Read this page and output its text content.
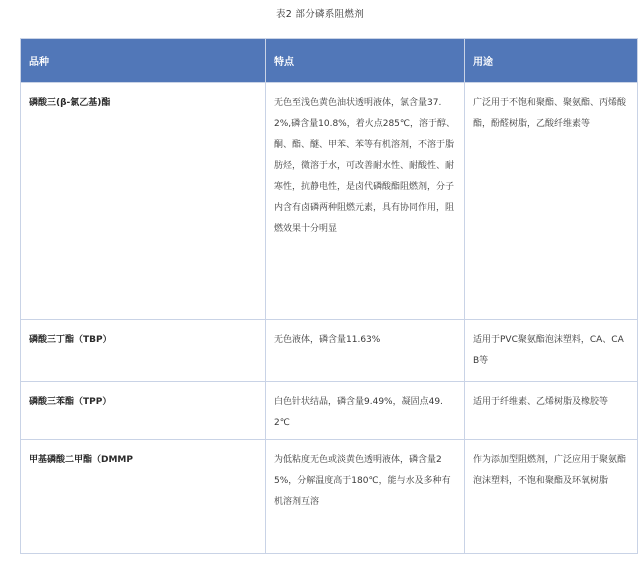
表2 部分磷系阻燃剂
品种	特点	用途
磷酸三(β-氯乙基)酯	无色至浅色黄色油状透明液体，氯含量37.2%,磷含量10.8%，着火点285℃，溶于醇、酮、酯、醚、甲苯、苯等有机溶剂，不溶于脂肪烃，微溶于水，可改善耐水性、耐酸性、耐寒性，抗静电性，是卤代磷酸酯阻燃剂，分子内含有卤磷两种阻燃元素，具有协同作用，阻燃效果十分明显	广泛用于不饱和聚酯、聚氨酯、丙烯酸酯，酚醛树脂，乙酸纤维素等
磷酸三丁酯（TBP）	无色液体，磷含量11.63%	适用于PVC聚氨酯泡沫塑料，CA、CAB等
磷酸三苯酯（TPP）	白色针状结晶，磷含量9.49%，凝固点49.2℃	适用于纤维素、乙烯树脂及橡胶等
甲基磷酸二甲酯（DMMP	为低粘度无色或淡黄色透明液体，磷含量25%，分解温度高于180℃，能与水及多种有机溶剂互溶	作为添加型阻燃剂，广泛应用于聚氨酯泡沫塑料，不饱和聚酯及环氧树脂
